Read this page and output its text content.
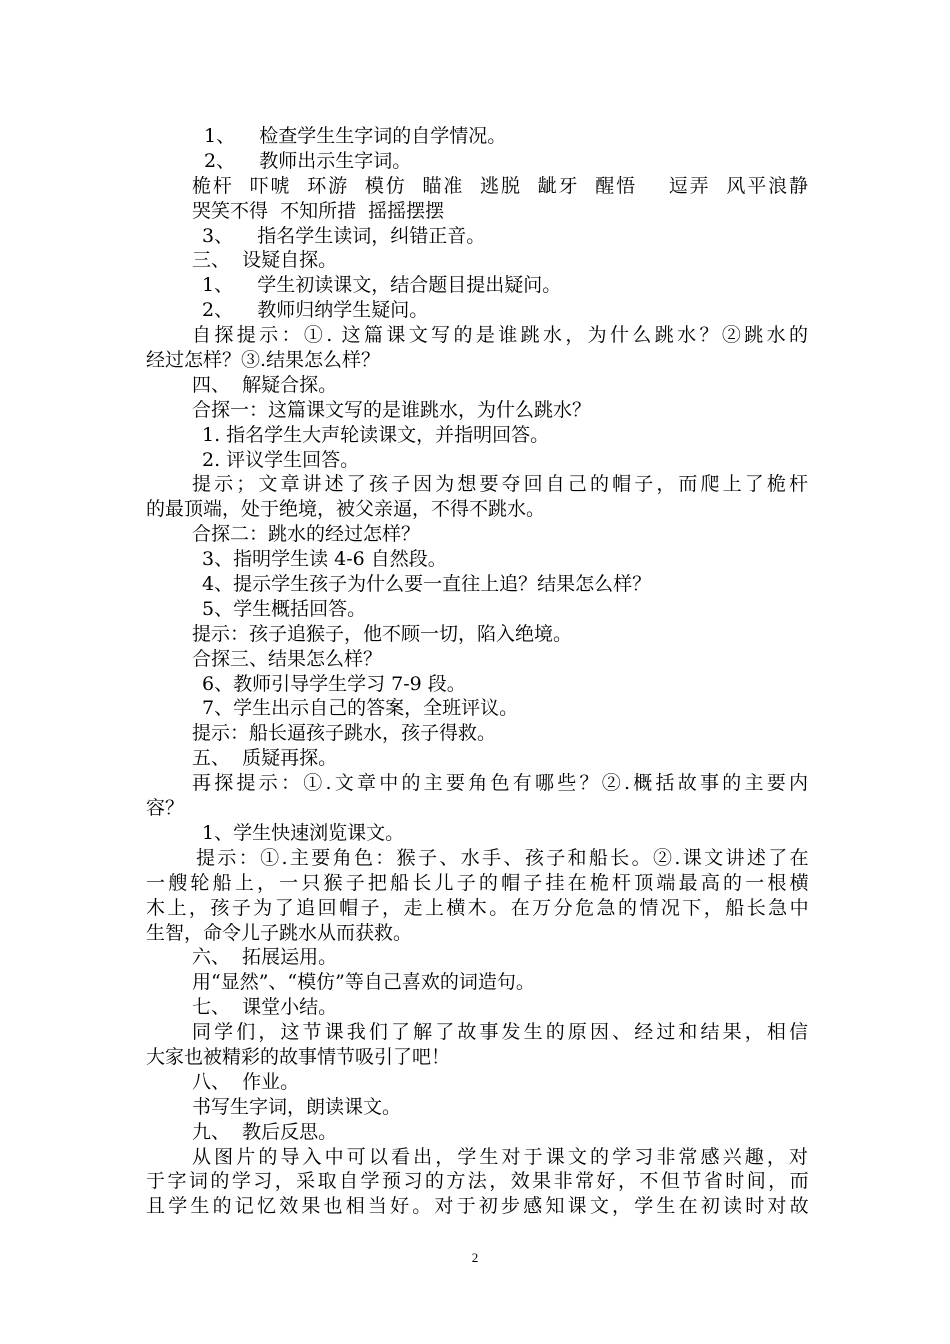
1、    检查学生生字词的自学情况。
2、    教师出示生字词。
桅杆  吓唬  环游  模仿  瞄准  逃脱  龇牙  醒悟    逗弄  风平浪静
哭笑不得  不知所措  摇摇摆摆
3、    指名学生读词，纠错正音。
三、  设疑自探。
1、    学生初读课文，结合题目提出疑问。
2、    教师归纳学生疑问。
自探提示：①. 这篇课文写的是谁跳水，为什么跳水？②跳水的
经过怎样？③.结果怎么样？
四、  解疑合探。
合探一：这篇课文写的是谁跳水，为什么跳水？
1. 指名学生大声轮读课文，并指明回答。
2. 评议学生回答。
提示；文章讲述了孩子因为想要夺回自己的帽子，而爬上了桅杆
的最顶端，处于绝境，被父亲逼，不得不跳水。
合探二：跳水的经过怎样？
3、指明学生读 4-6 自然段。
4、提示学生孩子为什么要一直往上追？结果怎么样？
5、学生概括回答。
提示：孩子追猴子，他不顾一切，陷入绝境。
合探三、结果怎么样？
6、教师引导学生学习 7-9 段。
7、学生出示自己的答案，全班评议。
提示：船长逼孩子跳水，孩子得救。
五、  质疑再探。
再探提示：①.文章中的主要角色有哪些？②.概括故事的主要内
容？
1、学生快速浏览课文。
提示：①.主要角色：猴子、水手、孩子和船长。②.课文讲述了在
一艘轮船上，一只猴子把船长儿子的帽子挂在桅杆顶端最高的一根横
木上，孩子为了追回帽子，走上横木。在万分危急的情况下，船长急中
生智，命令儿子跳水从而获救。
六、  拓展运用。
用“显然”、“模仿”等自己喜欢的词造句。
七、  课堂小结。
同学们，这节课我们了解了故事发生的原因、经过和结果，相信
大家也被精彩的故事情节吸引了吧！
八、  作业。
书写生字词，朗读课文。
九、  教后反思。
从图片的导入中可以看出，学生对于课文的学习非常感兴趣，对
于字词的学习，采取自学预习的方法，效果非常好，不但节省时间，而
且学生的记忆效果也相当好。对于初步感知课文，学生在初读时对故
2
